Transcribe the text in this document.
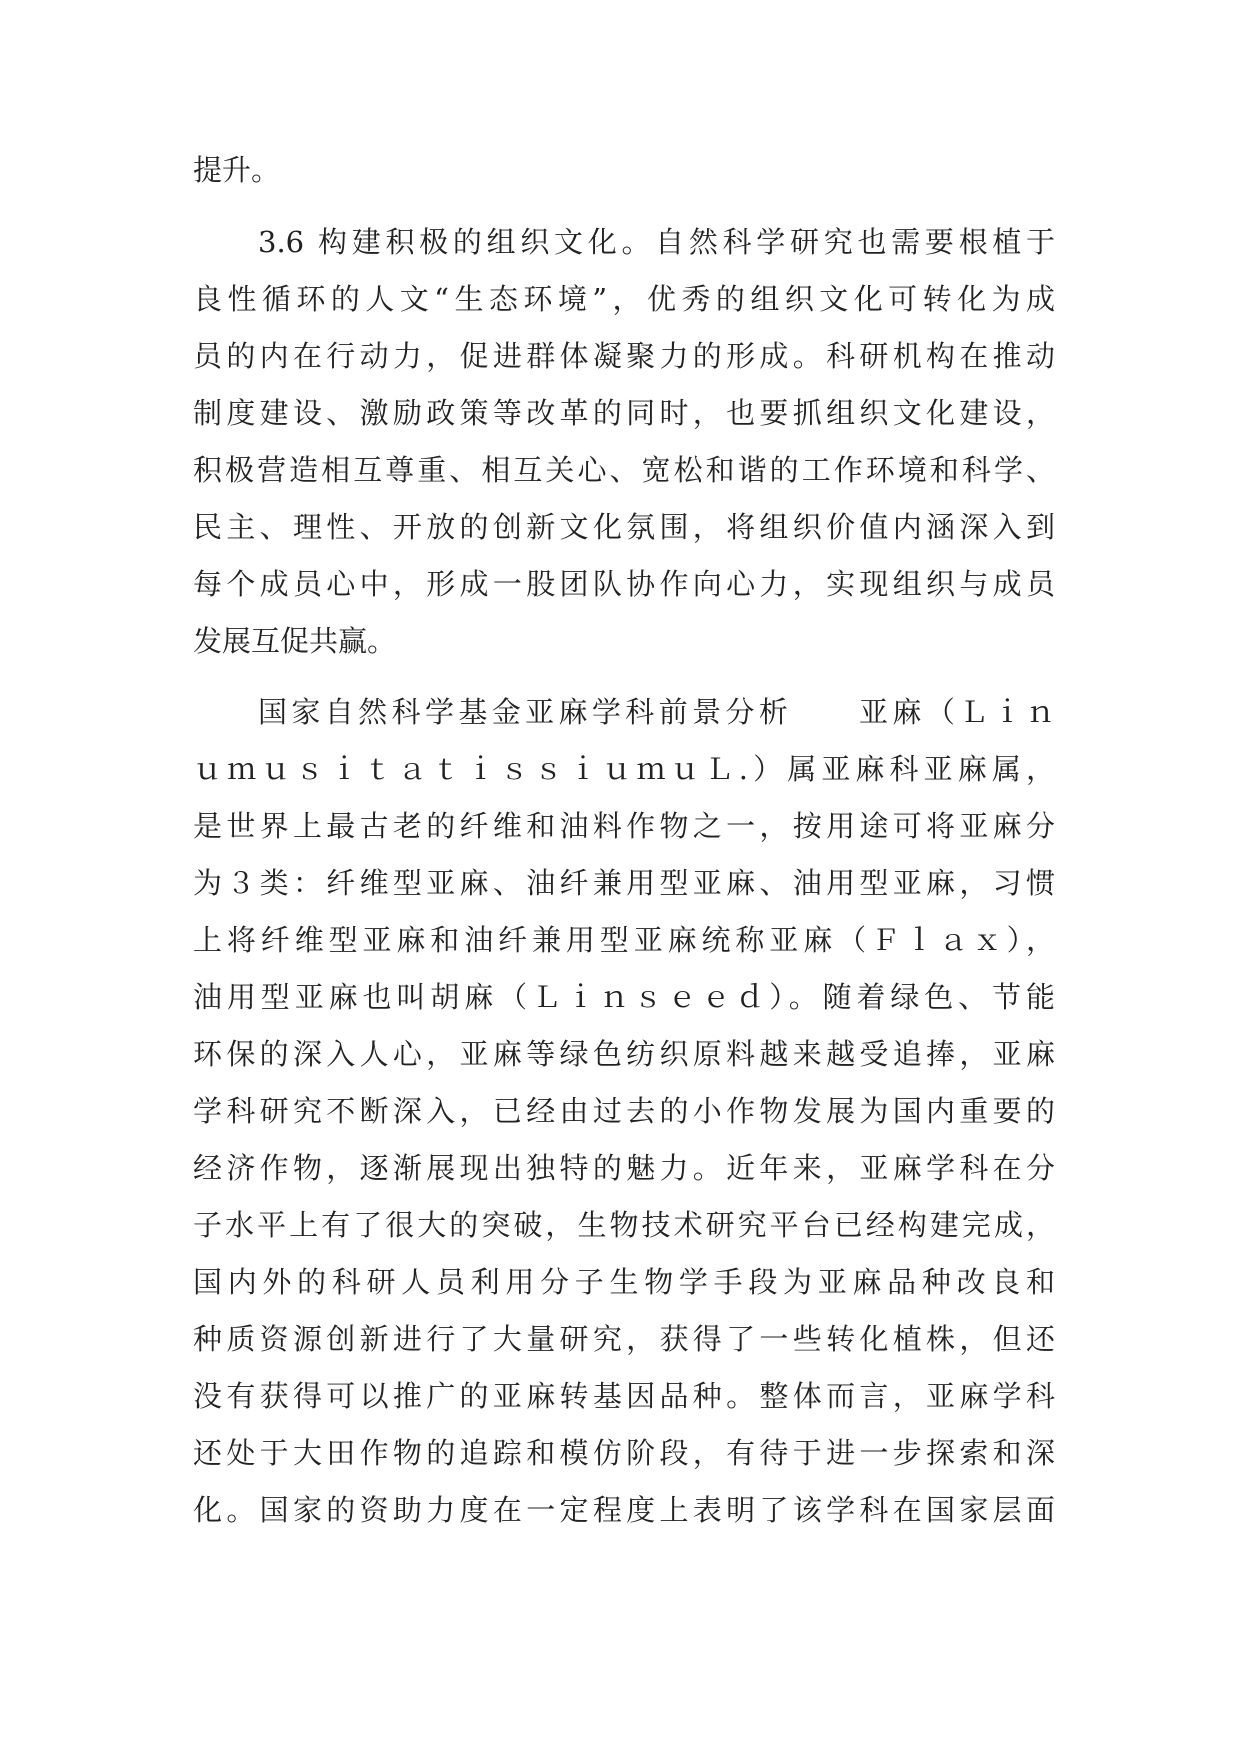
提升。
3.6 构建积极的组织文化。自然科学研究也需要根植于
良性循环的人文“生态环境”，优秀的组织文化可转化为成
员的内在行动力，促进群体凝聚力的形成。科研机构在推动
制度建设、激励政策等改革的同时，也要抓组织文化建设，
积极营造相互尊重、相互关心、宽松和谐的工作环境和科学、
民主、理性、开放的创新文化氛围，将组织价值内涵深入到
每个成员心中，形成一股团队协作向心力，实现组织与成员
发展互促共赢。
国家自然科学基金亚麻学科前景分析　　亚麻（Ｌｉｎ
ｕｍｕｓｉｔａｔｉｓｓｉｕｍｕＬ.）属亚麻科亚麻属，
是世界上最古老的纤维和油料作物之一，按用途可将亚麻分
为３类：纤维型亚麻、油纤兼用型亚麻、油用型亚麻，习惯
上将纤维型亚麻和油纤兼用型亚麻统称亚麻（Ｆｌａｘ），
油用型亚麻也叫胡麻（Ｌｉｎｓｅｅｄ）。随着绿色、节能
环保的深入人心，亚麻等绿色纺织原料越来越受追捧，亚麻
学科研究不断深入，已经由过去的小作物发展为国内重要的
经济作物，逐渐展现出独特的魅力。近年来，亚麻学科在分
子水平上有了很大的突破，生物技术研究平台已经构建完成，
国内外的科研人员利用分子生物学手段为亚麻品种改良和
种质资源创新进行了大量研究，获得了一些转化植株，但还
没有获得可以推广的亚麻转基因品种。整体而言，亚麻学科
还处于大田作物的追踪和模仿阶段，有待于进一步探索和深
化。国家的资助力度在一定程度上表明了该学科在国家层面
